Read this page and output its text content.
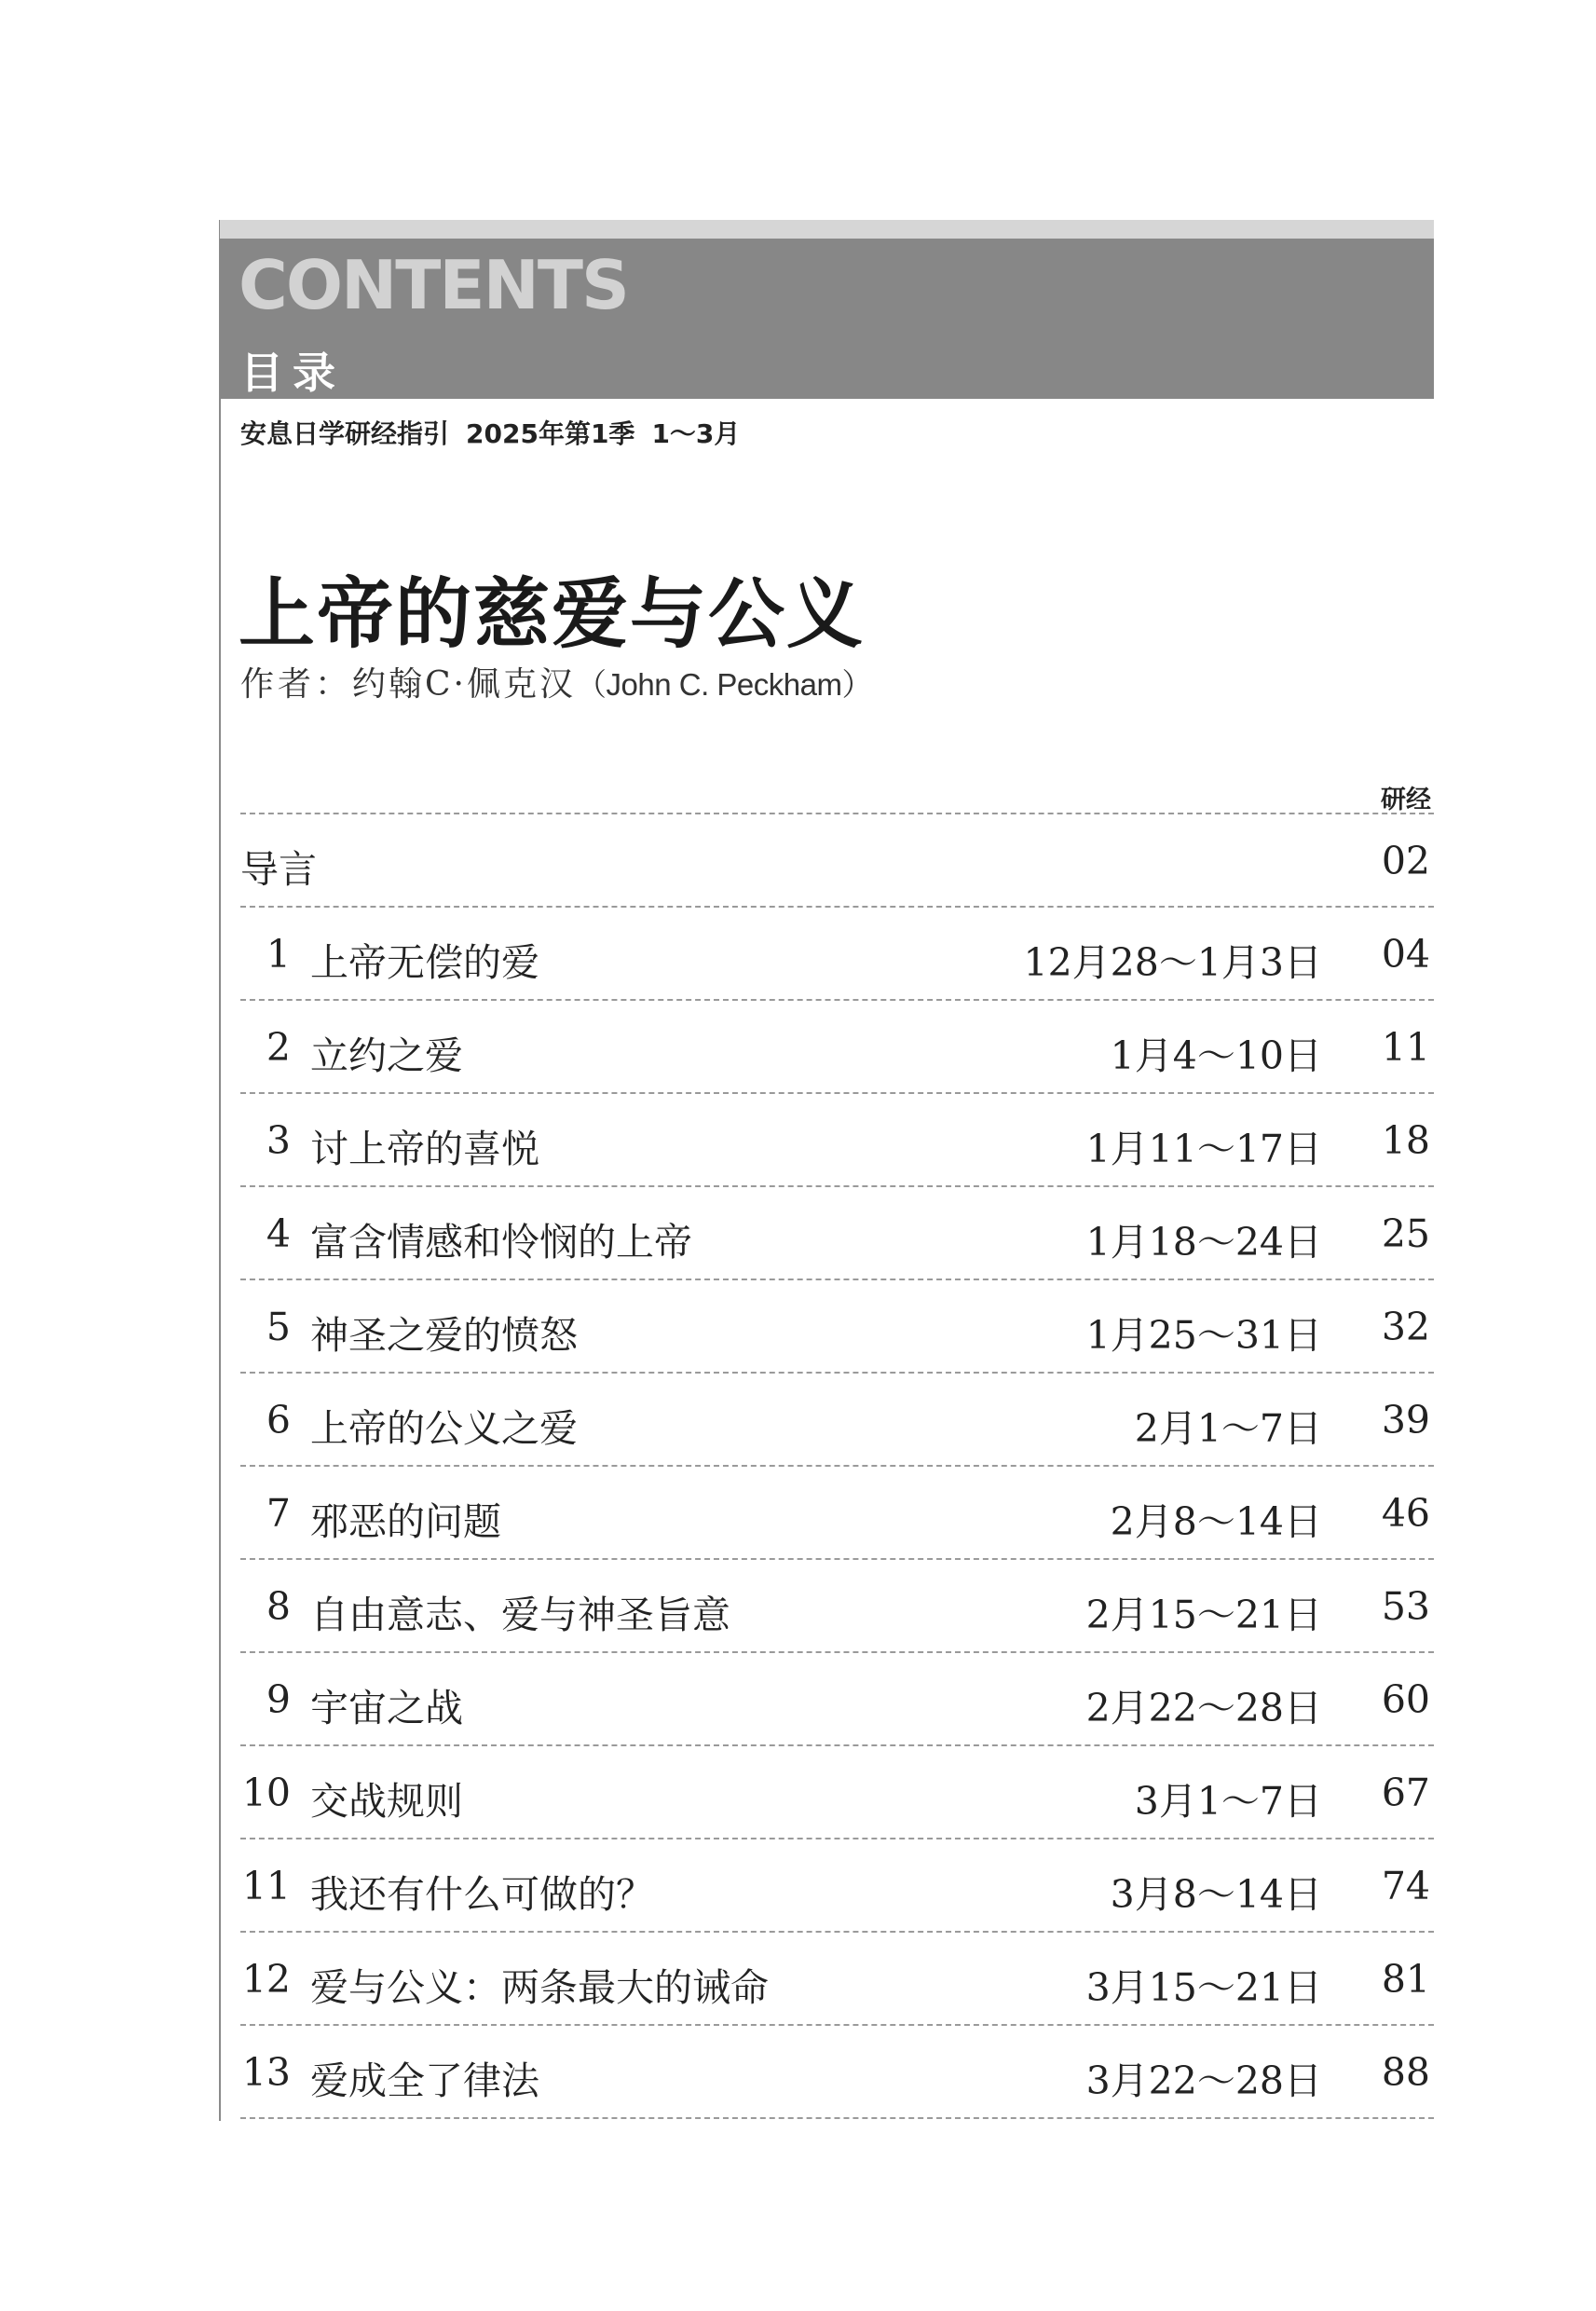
CONTENTS
目录
安息日学研经指引 2025年第1季 1～3月
上帝的慈爱与公义
作者：约翰C·佩克汉（John C. Peckham）
研经
导言	02
1 上帝无偿的爱	12月28～1月3日 04
2 立约之爱	1月4～10日 11
3 讨上帝的喜悦	1月11～17日 18
4 富含情感和怜悯的上帝	1月18～24日 25
5 神圣之爱的愤怒	1月25～31日 32
6 上帝的公义之爱	2月1～7日 39
7 邪恶的问题	2月8～14日 46
8 自由意志、爱与神圣旨意	2月15～21日 53
9 宇宙之战	2月22～28日 60
10 交战规则	3月1～7日 67
11 我还有什么可做的？	3月8～14日 74
12 爱与公义：两条最大的诫命	3月15～21日 81
13 爱成全了律法	3月22～28日 88
